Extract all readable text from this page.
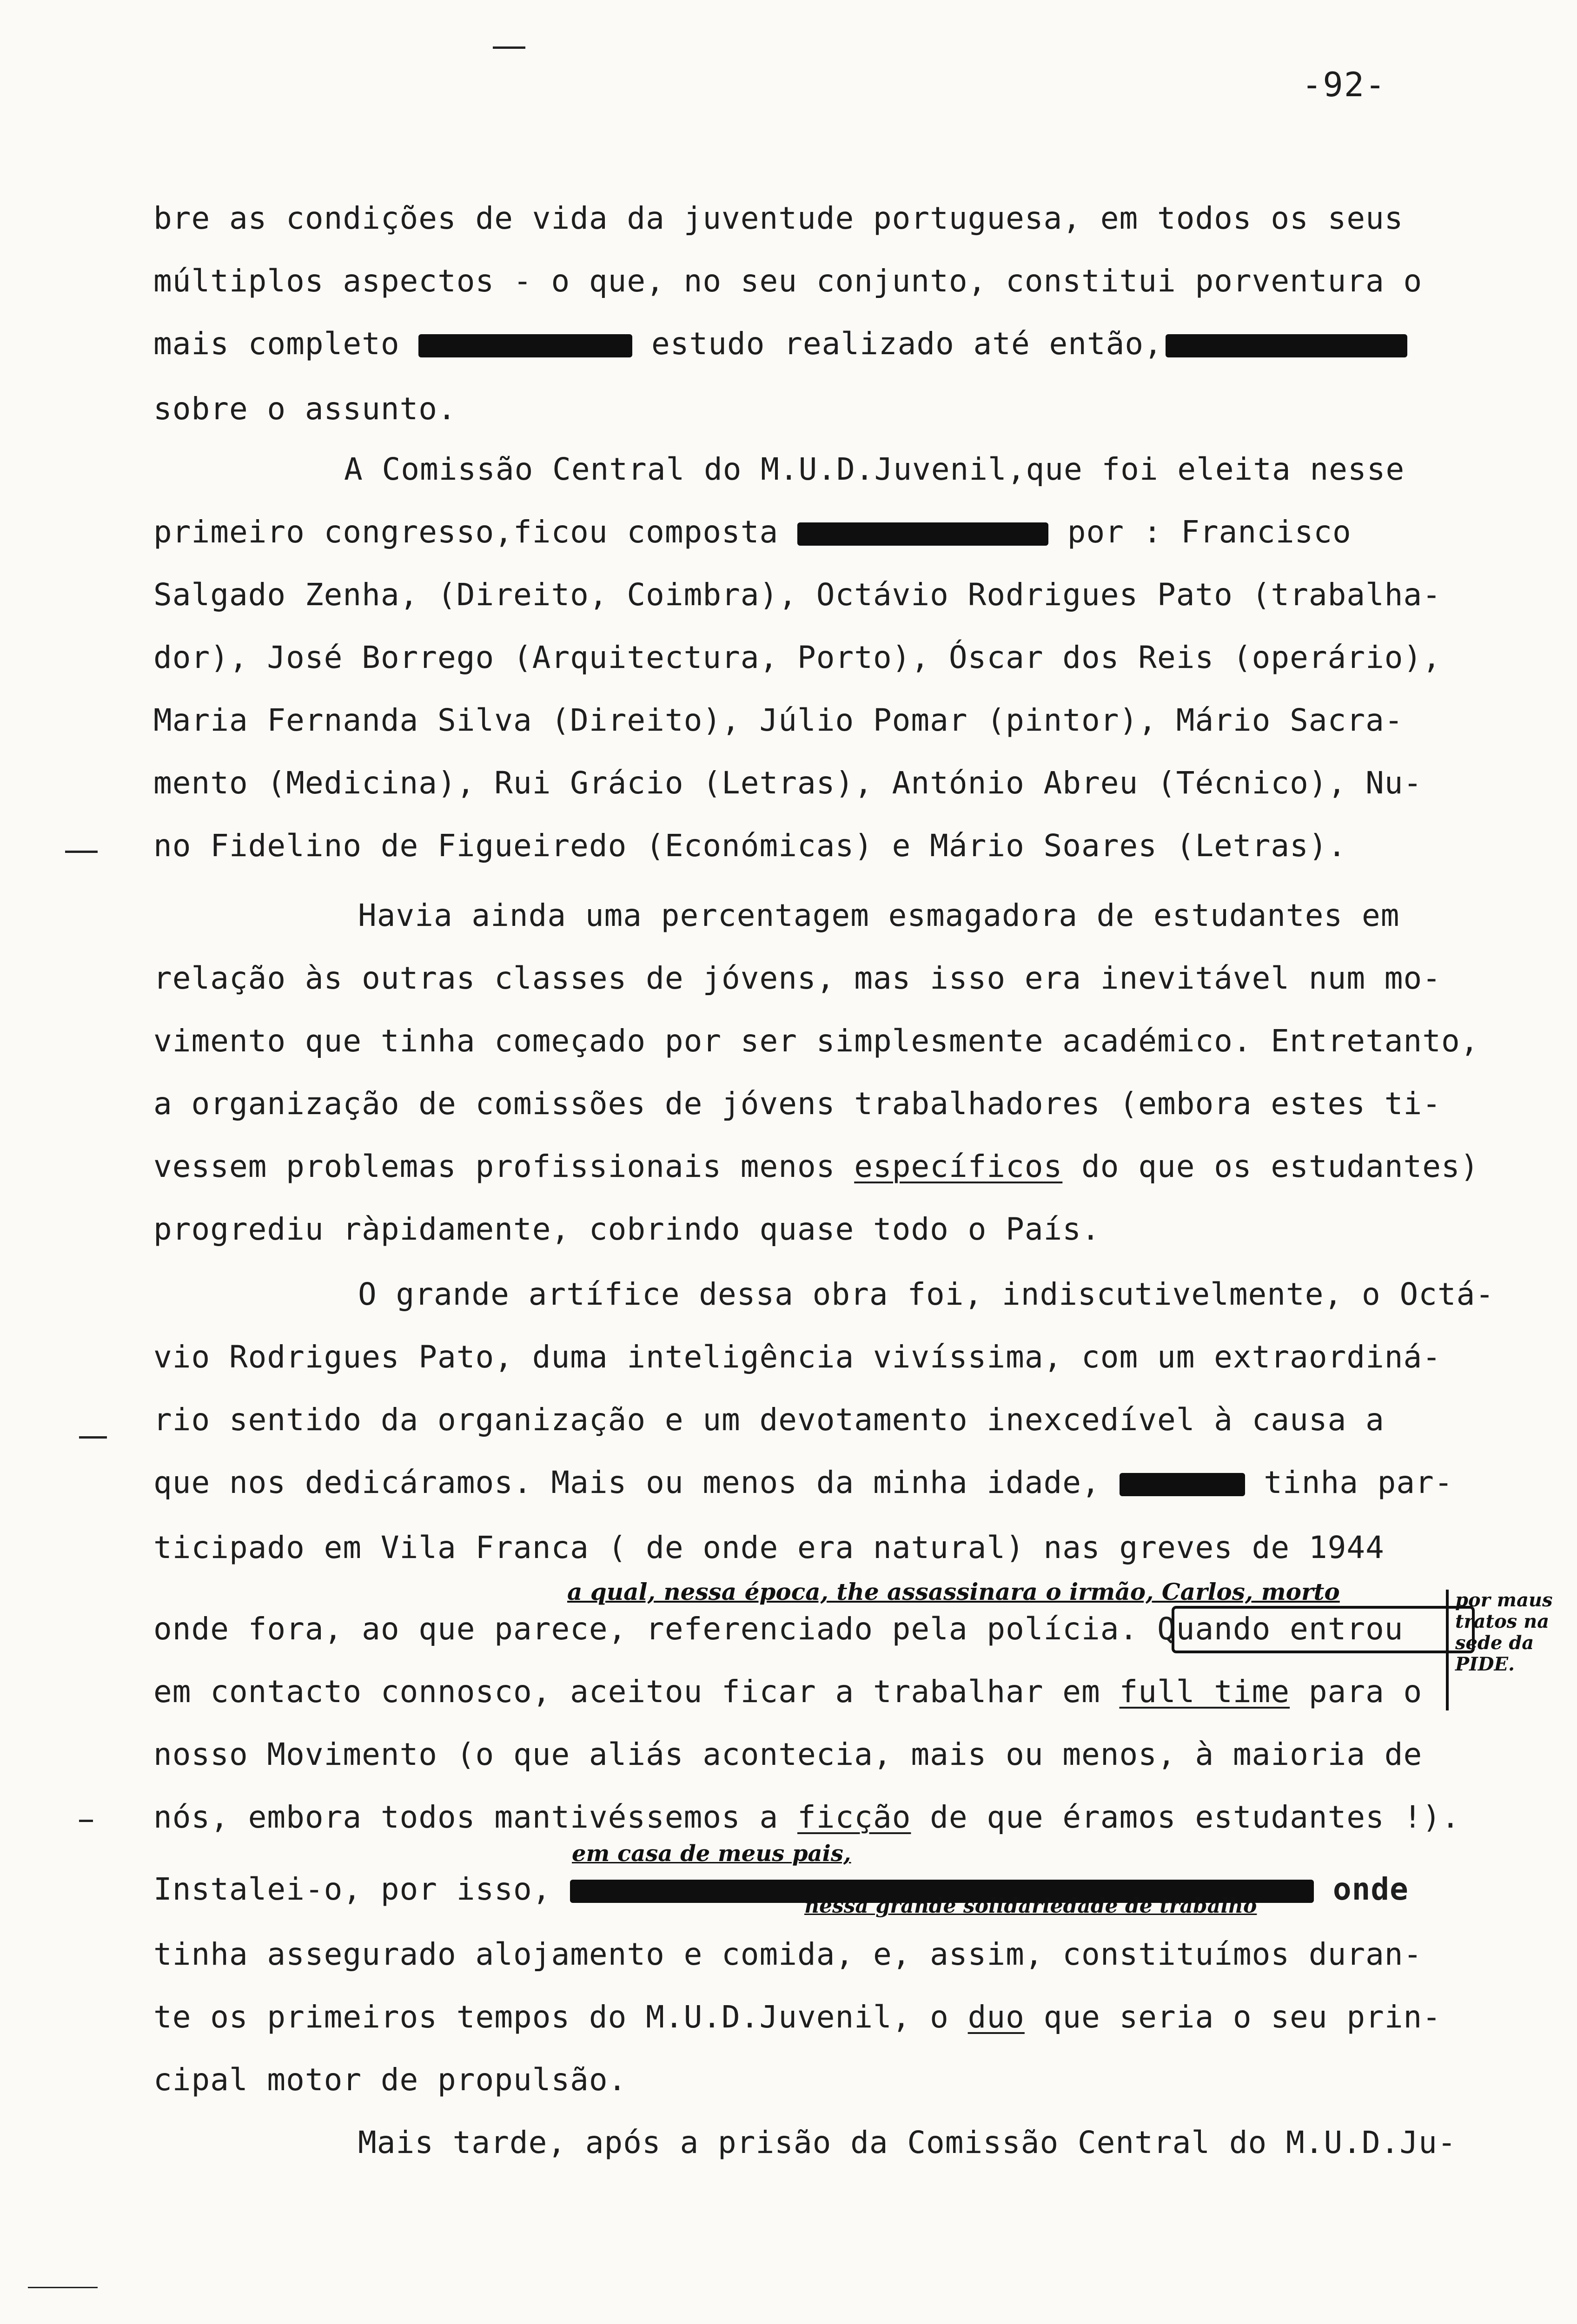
-92-
bre as condições de vida da juventude portuguesa, em todos os seus
múltiplos aspectos - o que, no seu conjunto, constitui porventura o
mais completo	estudo realizado até então,
sobre o assunto.
A Comissão Central do M.U.D.Juvenil,que foi eleita nesse
primeiro congresso,ficou composta	por : Francisco
Salgado Zenha, (Direito, Coimbra), Octávio Rodrigues Pato (trabalha-
dor), José Borrego (Arquitectura, Porto), Óscar dos Reis (operário),
Maria Fernanda Silva (Direito), Júlio Pomar (pintor), Mário Sacra-
mento (Medicina), Rui Grácio (Letras), António Abreu (Técnico), Nu-
no Fidelino de Figueiredo (Económicas) e Mário Soares (Letras).
Havia ainda uma percentagem esmagadora de estudantes em
relação às outras classes de jóvens, mas isso era inevitável num mo-
vimento que tinha começado por ser simplesmente académico. Entretanto,
a organização de comissões de jóvens trabalhadores (embora estes ti-
vessem problemas profissionais menos específicos do que os estudantes)
progrediu ràpidamente, cobrindo quase todo o País.
O grande artífice dessa obra foi, indiscutivelmente, o Octá-
vio Rodrigues Pato, duma inteligência vivíssima, com um extraordiná-
rio sentido da organização e um devotamento inexcedível à causa a
que nos dedicáramos. Mais ou menos da minha idade,	tinha par-
ticipado em Vila Franca ( de onde era natural) nas greves de 1944
onde fora, ao que parece, referenciado pela polícia. Quando entrou
em contacto connosco, aceitou ficar a trabalhar em full time para o
nosso Movimento (o que aliás acontecia, mais ou menos, à maioria de
nós, embora todos mantivéssemos a ficção de que éramos estudantes !).
Instalei-o, por isso,	onde
tinha assegurado alojamento e comida, e, assim, constituímos duran-
te os primeiros tempos do M.U.D.Juvenil, o duo que seria o seu prin-
cipal motor de propulsão.
Mais tarde, após a prisão da Comissão Central do M.U.D.Ju-
a qual, nessa época, the assassinara o irmão, Carlos, morto	por maus tratos na sede da PIDE.
em casa de meus pais,
nessa grande solidariedade de trabalho
